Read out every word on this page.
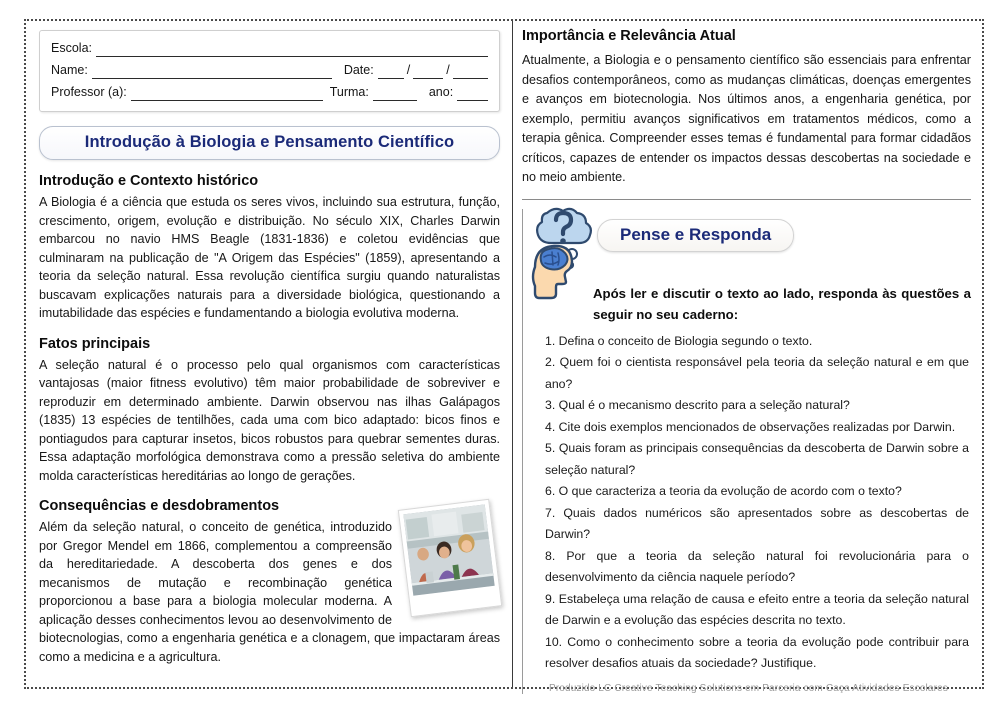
Escola:
Name:	Date:	/	/
Professor (a):	Turma:	ano:
Introdução à Biologia e Pensamento Científico
Introdução e Contexto histórico

A Biologia é a ciência que estuda os seres vivos, incluindo sua estrutura, função, crescimento, origem, evolução e distribuição. No século XIX, Charles Darwin embarcou no navio HMS Beagle (1831-1836) e coletou evidências que culminaram na publicação de "A Origem das Espécies" (1859), apresentando a teoria da seleção natural. Essa revolução científica surgiu quando naturalistas buscavam explicações naturais para a diversidade biológica, questionando a imutabilidade das espécies e fundamentando a biologia evolutiva moderna.

Fatos principais

A seleção natural é o processo pelo qual organismos com características vantajosas (maior fitness evolutivo) têm maior probabilidade de sobreviver e reproduzir em determinado ambiente. Darwin observou nas ilhas Galápagos (1835) 13 espécies de tentilhões, cada uma com bico adaptado: bicos finos e pontiagudos para capturar insetos, bicos robustos para quebrar sementes duras. Essa adaptação morfológica demonstrava como a pressão seletiva do ambiente molda características hereditárias ao longo de gerações.

Consequências e desdobramentos

Além da seleção natural, o conceito de genética, introduzido por Gregor Mendel em 1866, complementou a compreensão da hereditariedade. A descoberta dos genes e dos mecanismos de mutação e recombinação genética proporcionou a base para a biologia molecular moderna. A aplicação desses conhecimentos levou ao desenvolvimento de biotecnologias, como a engenharia genética e a clonagem, que impactaram áreas como a medicina e a agricultura.

Importância e Relevância Atual

Atualmente, a Biologia e o pensamento científico são essenciais para enfrentar desafios contemporâneos, como as mudanças climáticas, doenças emergentes e avanços em biotecnologia. Nos últimos anos, a engenharia genética, por exemplo, permitiu avanços significativos em tratamentos médicos, como a terapia gênica. Compreender esses temas é fundamental para formar cidadãos críticos, capazes de entender os impactos dessas descobertas na sociedade e no meio ambiente.

Pense e Responda

Após ler e discutir o texto ao lado, responda às questões a seguir no seu caderno:

1. Defina o conceito de Biologia segundo o texto.
2. Quem foi o cientista responsável pela teoria da seleção natural e em que ano?
3. Qual é o mecanismo descrito para a seleção natural?
4. Cite dois exemplos mencionados de observações realizadas por Darwin.
5. Quais foram as principais consequências da descoberta de Darwin sobre a seleção natural?
6. O que caracteriza a teoria da evolução de acordo com o texto?
7. Quais dados numéricos são apresentados sobre as descobertas de Darwin?
8. Por que a teoria da seleção natural foi revolucionária para o desenvolvimento da ciência naquele período?
9. Estabeleça uma relação de causa e efeito entre a teoria da seleção natural de Darwin e a evolução das espécies descrita no texto.
10. Como o conhecimento sobre a teoria da evolução pode contribuir para resolver desafios atuais da sociedade? Justifique.

Produzido LC Creative Teaching Solutions em Parceria com Caça Atividades Escolares
